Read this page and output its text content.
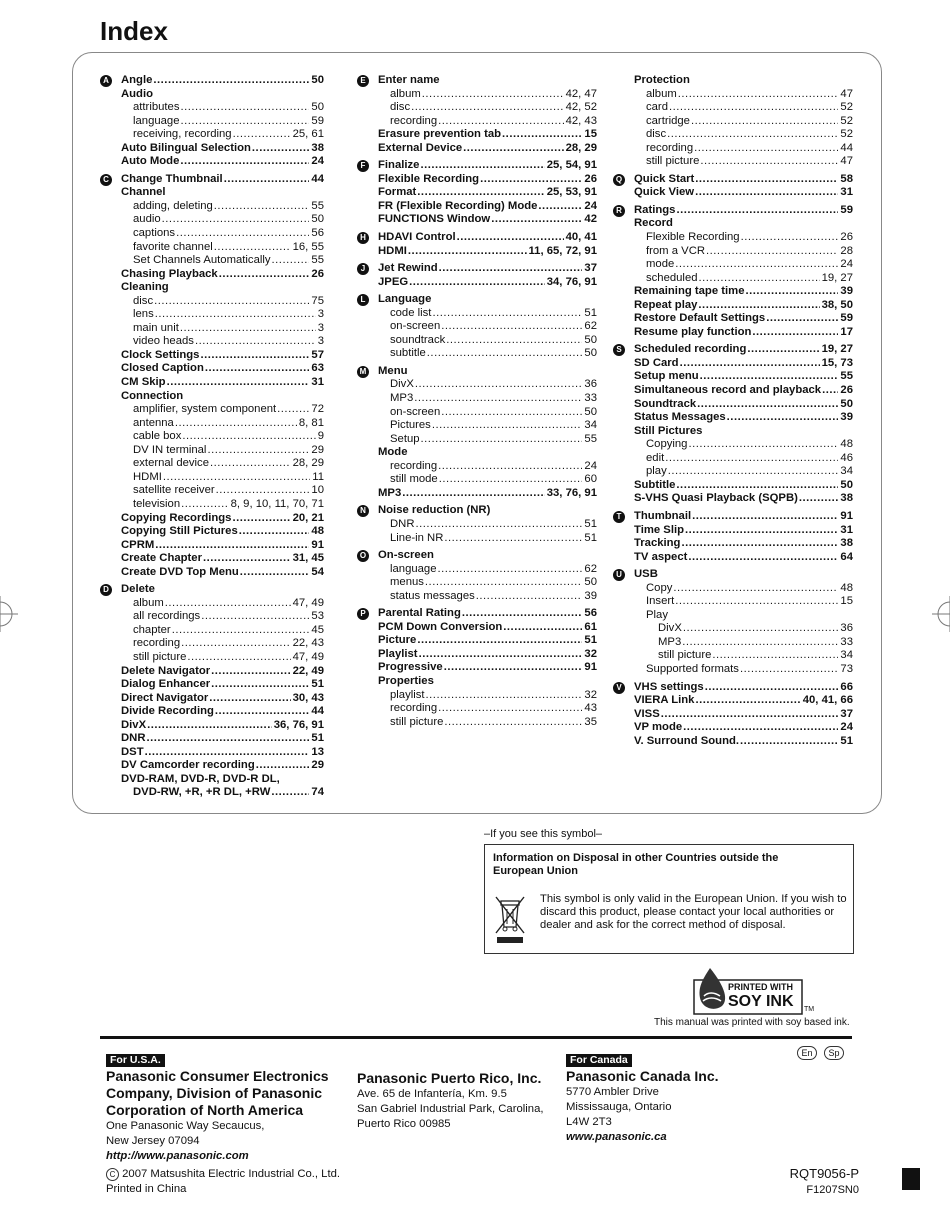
Index
A Angle .....	50
Audio
attributes .....	50
language .....	59
receiving, recording .....	25, 61
Auto Bilingual Selection .....	38
Auto Mode .....	24
C Change Thumbnail .....	44
Channel
adding, deleting .....	55
audio .....	50
captions .....	56
favorite channel .....	16, 55
Set Channels Automatically .....	55
Chasing Playback .....	26
Cleaning
disc .....	75
lens .....	3
main unit .....	3
video heads .....	3
Clock Settings .....	57
Closed Caption .....	63
CM Skip .....	31
Connection
amplifier, system component .....	72
antenna .....	8, 81
cable box .....	9
DV IN terminal .....	29
external device .....	28, 29
HDMI .....	11
satellite receiver .....	10
television .....	8, 9, 10, 11, 70, 71
Copying Recordings .....	20, 21
Copying Still Pictures .....	48
CPRM .....	91
Create Chapter .....	31, 45
Create DVD Top Menu .....	54
D Delete
album .....	47, 49
all recordings .....	53
chapter .....	45
recording .....	22, 43
still picture .....	47, 49
Delete Navigator .....	22, 49
Dialog Enhancer .....	51
Direct Navigator .....	30, 43
Divide Recording .....	44
DivX .....	36, 76, 91
DNR .....	51
DST .....	13
DV Camcorder recording .....	29
DVD-RAM, DVD-R, DVD-R DL,
DVD-RW, +R, +R DL, +RW .....	74
E Enter name
album .....	42, 47
disc .....	42, 52
recording .....	42, 43
Erasure prevention tab .....	15
External Device .....	28, 29
F	Finalize .....	25, 54, 91
Flexible Recording .....	26
Format .....	25, 53, 91
FR (Flexible Recording) Mode .....	24
FUNCTIONS Window .....	42
H HDAVI Control .....	40, 41
HDMI .....	11, 65, 72, 91
J	Jet Rewind .....	37
JPEG .....	34, 76, 91
L	Language
code list .....	51
on-screen .....	62
soundtrack .....	50
subtitle .....	50
M Menu
DivX .....	36
MP3 .....	33
on-screen .....	50
Pictures .....	34
Setup .....	55
Mode
recording .....	24
still mode .....	60
MP3 .....	33, 76, 91
N Noise reduction (NR)
DNR .....	51
Line-in NR .....	51
O On-screen
language .....	62
menus .....	50
status messages .....	39
P Parental Rating .....	56
PCM Down Conversion .....	61
Picture .....	51
Playlist .....	32
Progressive .....	91
Properties
playlist .....	32
recording .....	43
still picture .....	35
Protection
album .....	47
card .....	52
cartridge .....	52
disc .....	52
recording .....	44
still picture .....	47
Q Quick Start .....	58
Quick View .....	31
R Ratings .....	59
Record
Flexible Recording .....	26
from a VCR .....	28
mode .....	24
scheduled .....	19, 27
Remaining tape time .....	39
Repeat play .....	38, 50
Restore Default Settings .....	59
Resume play function .....	17
S Scheduled recording .....	19, 27
SD Card .....	15, 73
Setup menu .....	55
Simultaneous record and playback ..... 26
Soundtrack .....	50
Status Messages .....	39
Still Pictures
Copying .....	48
edit .....	46
play .....	34
Subtitle .....	50
S-VHS Quasi Playback (SQPB) .....	38
T	Thumbnail .....	91
Time Slip .....	31
Tracking .....	38
TV aspect .....	64
U USB
Copy .....	48
Insert .....	15
Play
DivX .....	36
MP3 .....	33
still picture .....	34
Supported formats .....	73
V VHS settings .....	66
VIERA Link .....	40, 41, 66
VISS .....	37
VP mode .....	24
V. Surround Sound. .....	51
–If you see this symbol–
Information on Disposal in other Countries outside the European Union
This symbol is only valid in the European Union. If you wish to discard this product, please contact your local authorities or dealer and ask for the correct method of disposal.
PRINTED WITH
SOY INK TM
This manual was printed with soy based ink.
En	Sp
For U.S.A.
Panasonic Consumer Electronics
Company, Division of Panasonic
Corporation of North America
One Panasonic Way Secaucus,
New Jersey 07094
http://www.panasonic.com
Panasonic Puerto Rico, Inc.
Ave. 65 de Infantería, Km. 9.5
San Gabriel Industrial Park, Carolina,
Puerto Rico 00985
For Canada
Panasonic Canada Inc.
5770 Ambler Drive
Mississauga, Ontario
L4W 2T3
www.panasonic.ca
C 2007 Matsushita Electric Industrial Co., Ltd.
Printed in China
RQT9056-P
F1207SN0
